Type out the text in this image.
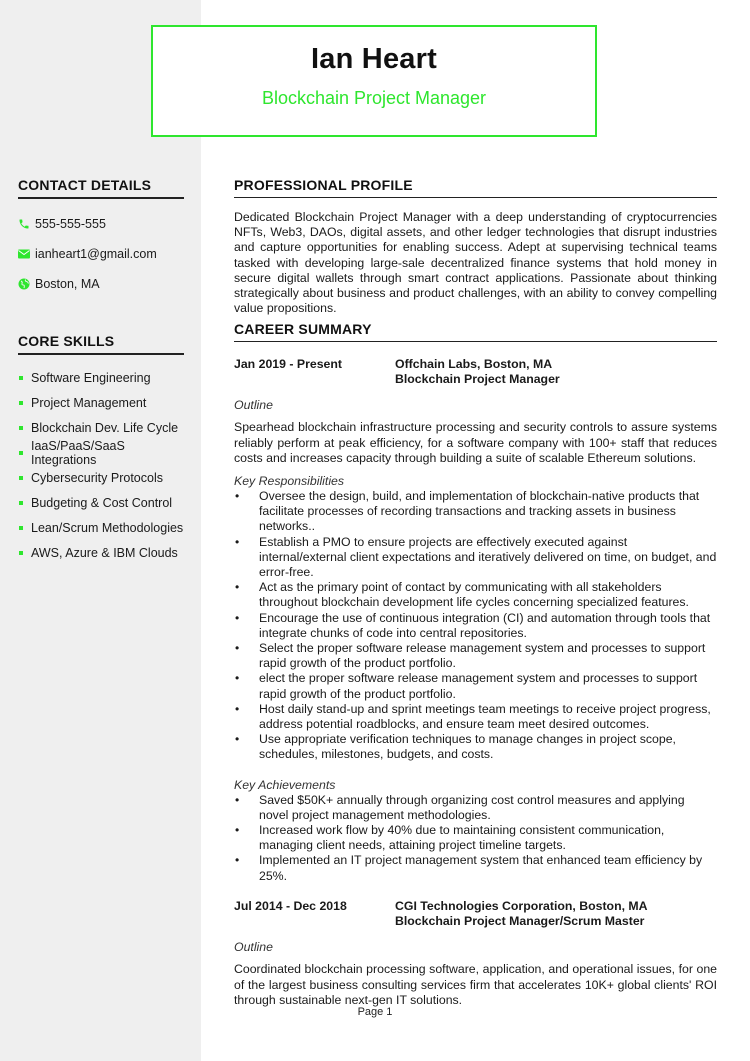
Ian Heart
Blockchain Project Manager
CONTACT DETAILS
555-555-555
ianheart1@gmail.com
Boston, MA
CORE SKILLS
Software Engineering
Project Management
Blockchain Dev. Life Cycle
IaaS/PaaS/SaaS Integrations
Cybersecurity Protocols
Budgeting & Cost Control
Lean/Scrum Methodologies
AWS, Azure & IBM Clouds
PROFESSIONAL PROFILE
Dedicated Blockchain Project Manager with a deep understanding of cryptocurrencies NFTs, Web3, DAOs, digital assets, and other ledger technologies that disrupt industries and capture opportunities for enabling success. Adept at supervising technical teams tasked with developing large-sale decentralized finance systems that hold money in secure digital wallets through smart contract applications. Passionate about thinking strategically about business and product challenges, with an ability to convey compelling value propositions.
CAREER SUMMARY
Jan 2019 - Present	Offchain Labs, Boston, MA
Blockchain Project Manager
Outline
Spearhead blockchain infrastructure processing and security controls to assure systems reliably perform at peak efficiency, for a software company with 100+ staff that reduces costs and increases capacity through building a suite of scalable Ethereum solutions.
Key Responsibilities
• Oversee the design, build, and implementation of blockchain-native products that facilitate processes of recording transactions and tracking assets in business networks..
• Establish a PMO to ensure projects are effectively executed against internal/external client expectations and iteratively delivered on time, on budget, and error-free.
• Act as the primary point of contact by communicating with all stakeholders throughout blockchain development life cycles concerning specialized features.
• Encourage the use of continuous integration (CI) and automation through tools that integrate chunks of code into central repositories.
• Select the proper software release management system and processes to support rapid growth of the product portfolio.
• elect the proper software release management system and processes to support rapid growth of the product portfolio.
• Host daily stand-up and sprint meetings team meetings to receive project progress, address potential roadblocks, and ensure team meet desired outcomes.
• Use appropriate verification techniques to manage changes in project scope, schedules, milestones, budgets, and costs.
Key Achievements
• Saved $50K+ annually through organizing cost control measures and applying novel project management methodologies.
• Increased work flow by 40% due to maintaining consistent communication, managing client needs, attaining project timeline targets.
• Implemented an IT project management system that enhanced team efficiency by 25%.
Jul 2014 - Dec 2018	CGI Technologies Corporation, Boston, MA
Blockchain Project Manager/Scrum Master
Outline
Coordinated blockchain processing software, application, and operational issues, for one of the largest business consulting services firm that accelerates 10K+ global clients' ROI through sustainable next-gen IT solutions.
Page 1
